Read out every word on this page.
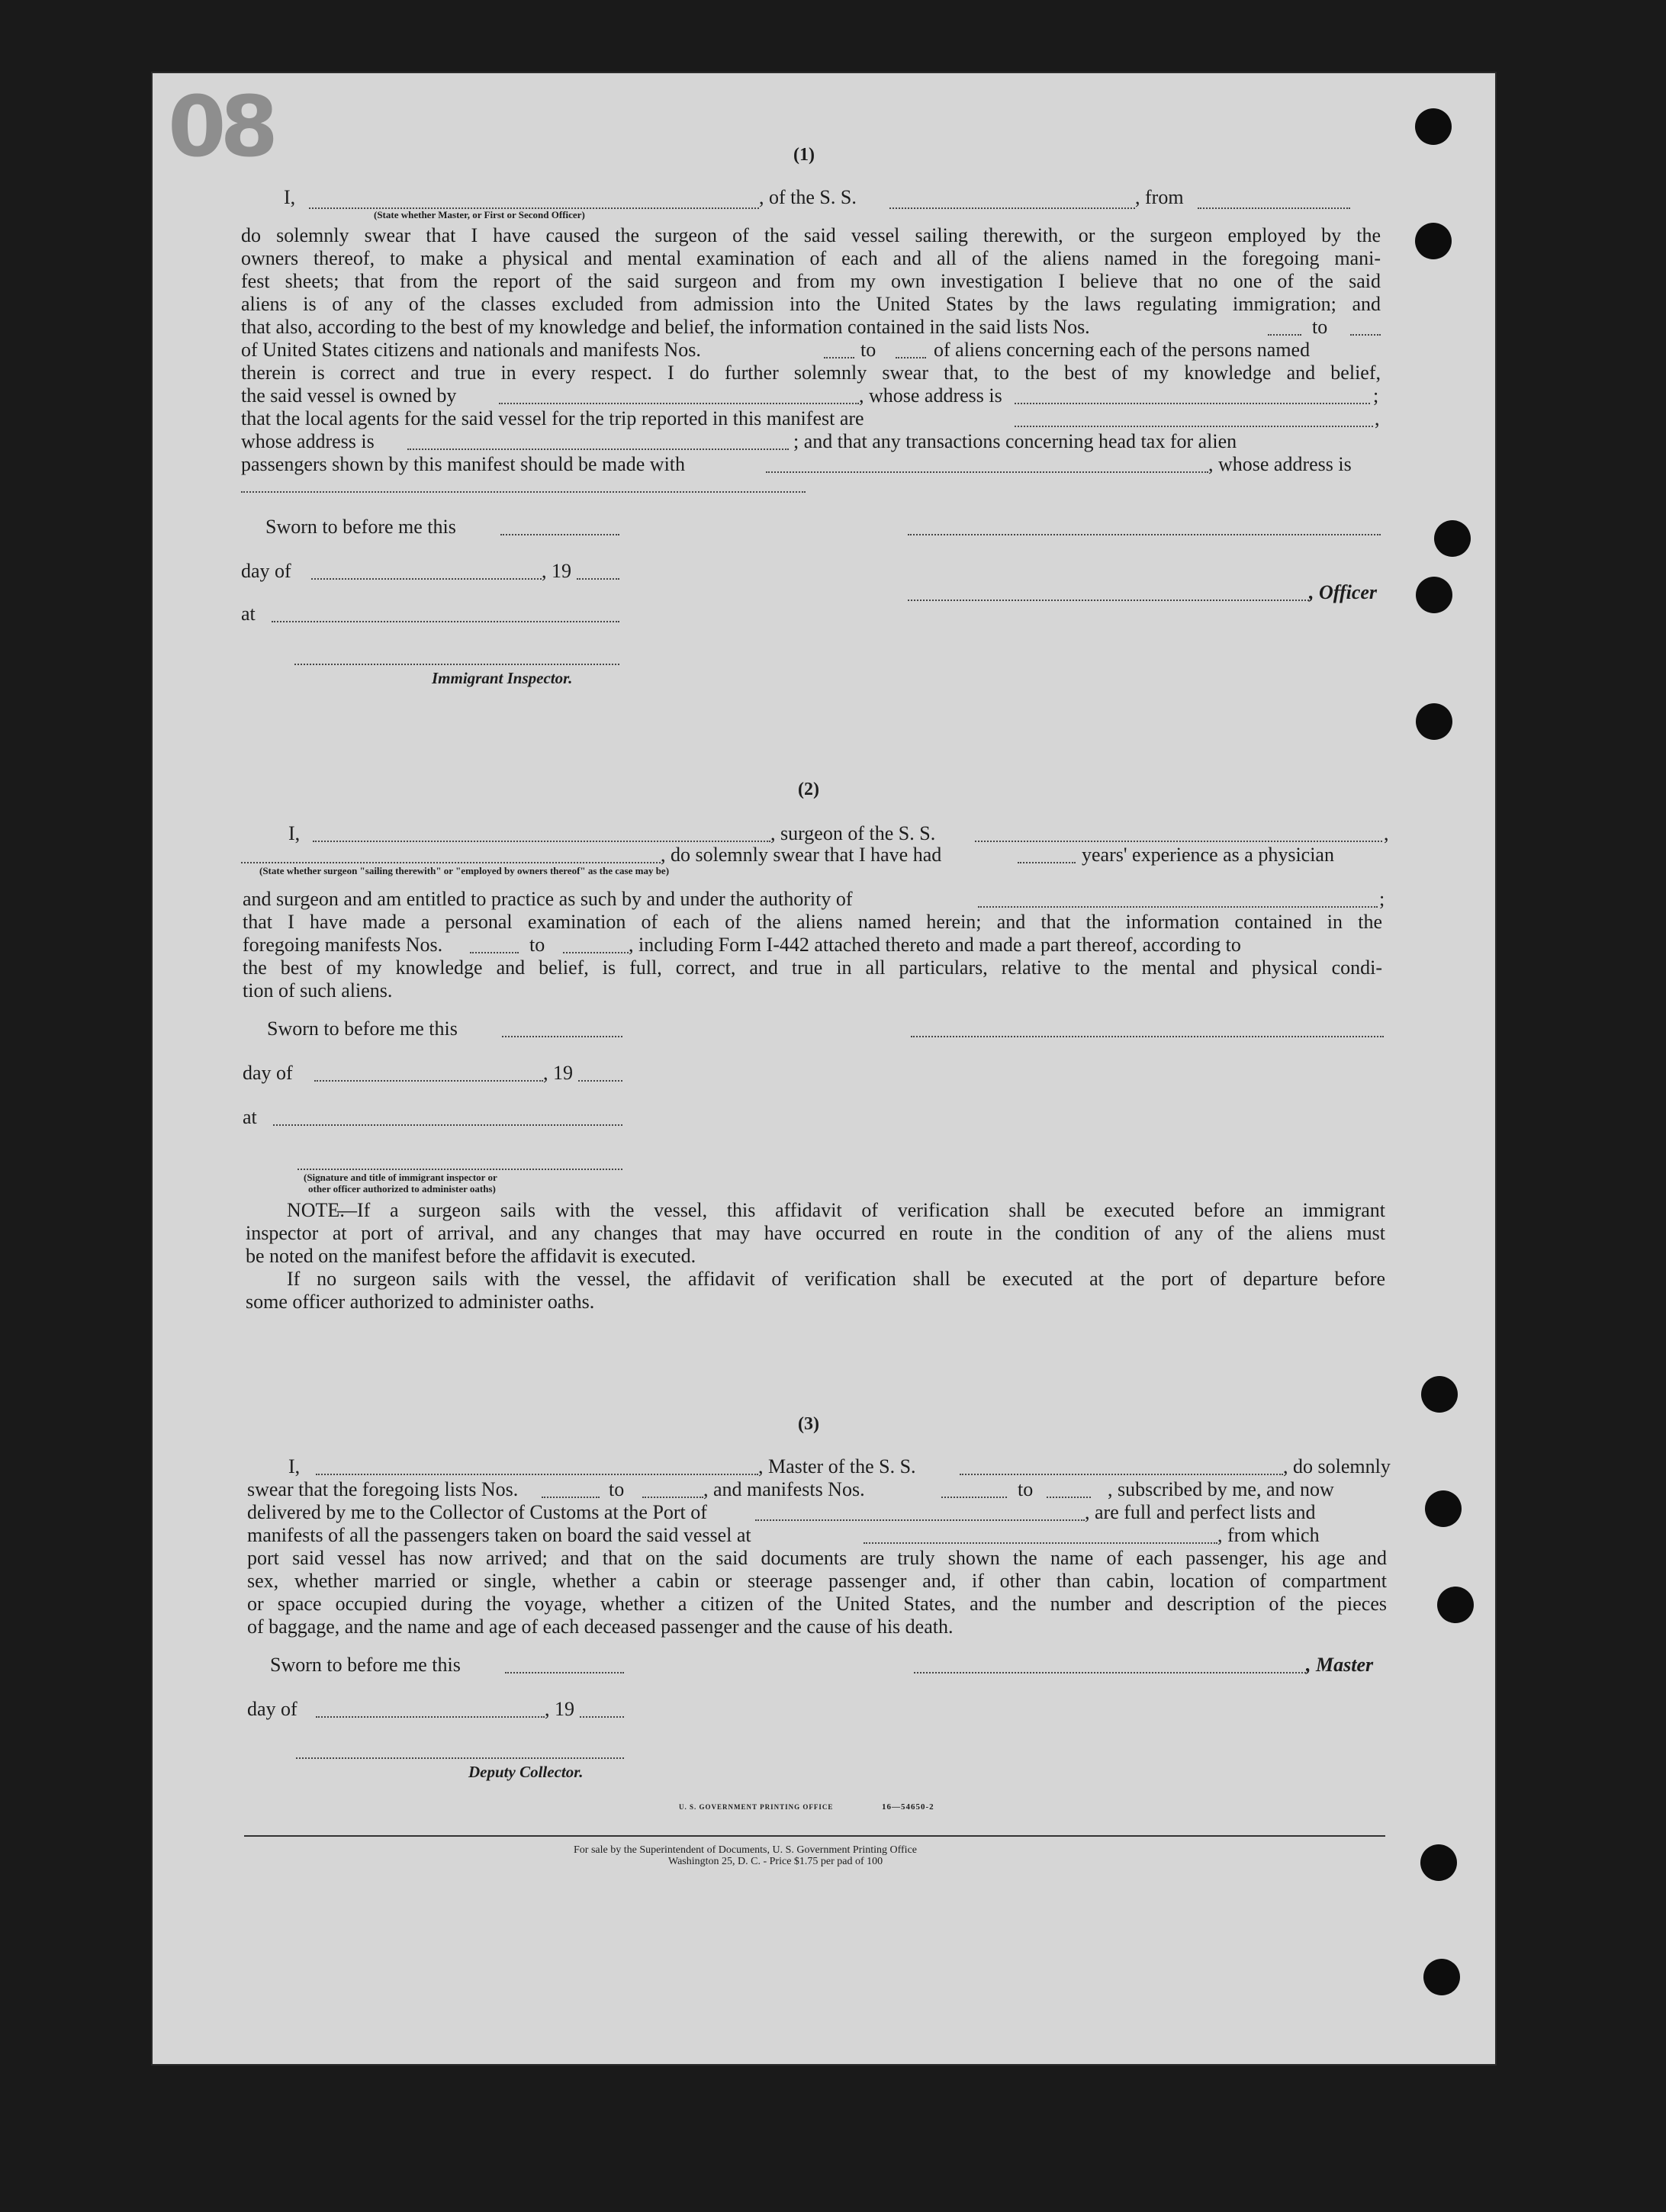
08	(1)
I,	, of the S. S.	, from
(State whether Master, or First or Second Officer)
do solemnly swear that I have caused the surgeon of the said vessel sailing therewith, or the surgeon employed by the
owners thereof, to make a physical and mental examination of each and all of the aliens named in the foregoing mani-
fest sheets; that from the report of the said surgeon and from my own investigation I believe that no one of the said
aliens is of any of the classes excluded from admission into the United States by the laws regulating immigration; and
that also, according to the best of my knowledge and belief, the information contained in the said lists Nos.	to
of United States citizens and nationals and manifests Nos.	to	of aliens concerning each of the persons named
therein is correct and true in every respect. I do further solemnly swear that, to the best of my knowledge and belief,
the said vessel is owned by	, whose address is	;
that the local agents for the said vessel for the trip reported in this manifest are	,
whose address is	; and that any transactions concerning head tax for alien
passengers shown by this manifest should be made with	, whose address is
Sworn to before me this
day of	, 19
, Officer
at
Immigrant Inspector.
(2)
I,	, surgeon of the S. S.	,
, do solemnly swear that I have had	years' experience as a physician
(State whether surgeon "sailing therewith" or "employed by owners thereof" as the case may be)
and surgeon and am entitled to practice as such by and under the authority of	;
that I have made a personal examination of each of the aliens named herein; and that the information contained in the
foregoing manifests Nos.	to	, including Form I-442 attached thereto and made a part thereof, according to
the best of my knowledge and belief, is full, correct, and true in all particulars, relative to the mental and physical condi-
tion of such aliens.
Sworn to before me this
day of	, 19
at
(Signature and title of immigrant inspector or
other officer authorized to administer oaths)
NOTE.
—If a surgeon sails with the vessel, this affidavit of verification shall be executed before an immigrant
inspector at port of arrival, and any changes that may have occurred en route in the condition of any of the aliens must
be noted on the manifest before the affidavit is executed.
If no surgeon sails with the vessel, the affidavit of verification shall be executed at the port of departure before
some officer authorized to administer oaths.
(3)
I,	, Master of the S. S.	, do solemnly
swear that the foregoing lists Nos.	to	, and manifests Nos.	to	, subscribed by me, and now
delivered by me to the Collector of Customs at the Port of	, are full and perfect lists and
manifests of all the passengers taken on board the said vessel at	, from which
port said vessel has now arrived; and that on the said documents are truly shown the name of each passenger, his age and
sex, whether married or single, whether a cabin or steerage passenger and, if other than cabin, location of compartment
or space occupied during the voyage, whether a citizen of the United States, and the number and description of the pieces
of baggage, and the name and age of each deceased passenger and the cause of his death.
Sworn to before me this	, Master
day of	, 19
Deputy Collector.
U. S. GOVERNMENT PRINTING OFFICE	16—54650-2
For sale by the Superintendent of Documents, U. S. Government Printing Office
Washington 25, D. C. - Price $1.75 per pad of 100
